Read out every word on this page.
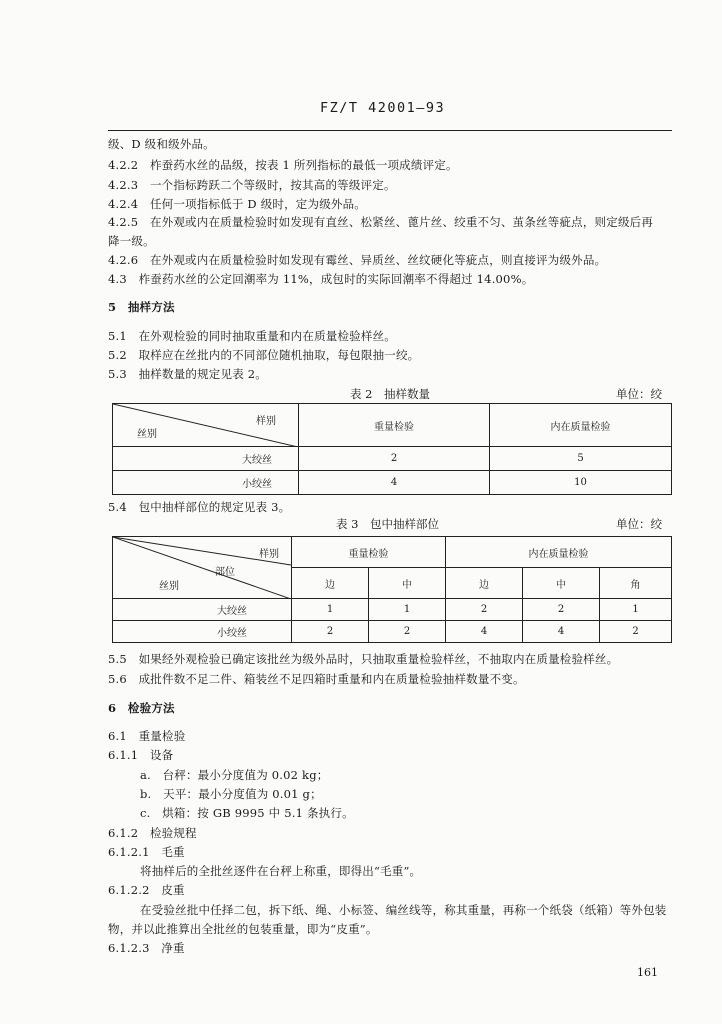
FZ/T 42001—93
级、D 级和级外品。
4.2.2　柞蚕药水丝的品级，按表 1 所列指标的最低一项成绩评定。
4.2.3　一个指标跨跃二个等级时，按其高的等级评定。
4.2.4　任何一项指标低于 D 级时，定为级外品。
4.2.5　在外观或内在质量检验时如发现有直丝、松紧丝、蓖片丝、绞重不匀、茧条丝等疵点，则定级后再
降一级。
4.2.6　在外观或内在质量检验时如发现有霉丝、异质丝、丝纹硬化等疵点，则直接评为级外品。
4.3　柞蚕药水丝的公定回潮率为 11%，成包时的实际回潮率不得超过 14.00%。
5　抽样方法
5.1　在外观检验的同时抽取重量和内在质量检验样丝。
5.2　取样应在丝批内的不同部位随机抽取，每包限抽一绞。
5.3　抽样数量的规定见表 2。
表 2　抽样数量	单位：绞
样别
丝别	重量检验	内在质量检验
大绞丝	2	5
小绞丝	4	10
5.4　包中抽样部位的规定见表 3。
表 3　包中抽样部位	单位：绞
样别
部位
丝别	重量检验		内在质量检验		
	边	中	边	中	角
大绞丝	1	1	2	2	1
小绞丝	2	2	4	4	2
5.5　如果经外观检验已确定该批丝为级外品时，只抽取重量检验样丝，不抽取内在质量检验样丝。
5.6　成批件数不足二件、箱装丝不足四箱时重量和内在质量检验抽样数量不变。
6　检验方法
6.1　重量检验
6.1.1　设备
a.　台秤：最小分度值为 0.02 kg；
b.　天平：最小分度值为 0.01 g；
c.　烘箱：按 GB 9995 中 5.1 条执行。
6.1.2　检验规程
6.1.2.1　毛重
将抽样后的全批丝逐件在台秤上称重，即得出“毛重”。
6.1.2.2　皮重
在受验丝批中任择二包，拆下纸、绳、小标签、编丝线等，称其重量，再称一个纸袋（纸箱）等外包装
物，并以此推算出全批丝的包装重量，即为“皮重”。
6.1.2.3　净重
161
